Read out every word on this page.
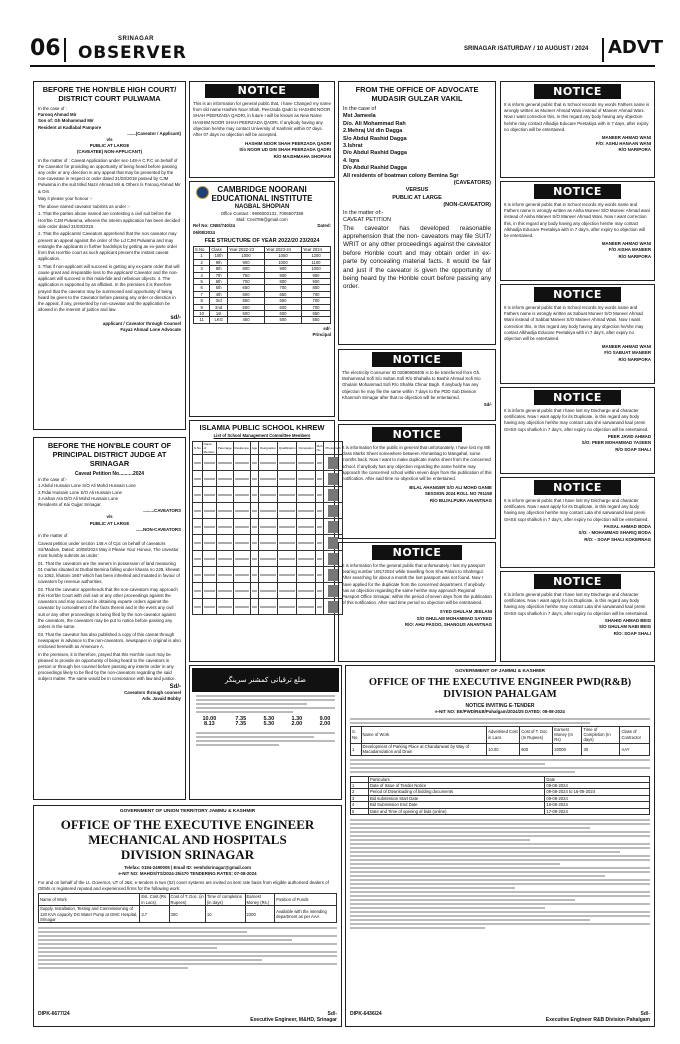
06	SRINAGAR
OBSERVER	SRINAGAR /SATURDAY / 10 AUGUST / 2024 ADVT
BEFORE THE HON'BLE HIGH COURT/ DISTRICT COURT PULWAMA
In the case of :
Farooq Ahmad Mir
Son of: Gh Mohammad Mir
Resident at Kadlabal Pampore
.......(Caveator / Applicant)
v/s
PUBLIC AT LARGE
(CAVEATEE) NON-APPLICANT)

In the matter of : Caveat Application under sec-148-A C.P.C on behalf of the Caveator for providing an opportunity of being heard before passing any order or any direction in any appeal that may be presented by the non-caveatee in respect or order dated 31/03/2018 passed by CJM Pulwama in the suit titled Nazir Ahmad Mir & Others /s Farooq Ahmad Mir & Ors

May it please your honour :-

The above named caveator submits as under :-

1. That the parties above named are contesting a civil suit before the Hon'ble CJM Pulwama, wherein the interim application has been decided vide order dated 31/03/2018.

2. That the applicants/ Caveators apprehend that the non caveator may present an appeal against the order of the Ld CJM Pulwama and may entangle the applicants in further hardships by getting an ex-parte order from this Hon'ble court as such applicant present the instant caveat application.

3. That if non-applicant will succeed in getting any ex-parte order that will cause great and irreparable loss to the applicant/ Caveator and the non-applicant will succeed in this mala-fide and nefarious objects. 4. The application is supported by an affidavit. In the premises it is therefore prayed that the caveator may be summoned and opportunity of being heard be given to the Caveator before passing any order or direction in the appeal, if any, presented by non-caveator and the application be allowed in the interest of justice and law.

sd/-
applicant / Caveator through Counsel
Fayaz Ahmad Lone Advocate
NOTICE

This is an information for general public that, I have Changed my name from old name Hashim Noor Shah, Peerzada Qadri to HASHIM NOOR SHAH PEERZADA QADRI, in future I will be known as New Name HASHIM NOOR SHAH PEERZADA QADRI. If anybody having any objection he/she may contact University of Kashmir within 07 days. After 07 days no objection will be accepted.

HASHIM NOOR SHAH PEERZADA QADRI
S/o NOOR UD DIN SHAH PEERZADA QADRI
R/O MAISHMAHA SHOPIAN
CAMBRIDGE NOORANI
EDUCATIONAL INSTITUTE
NAGBAL SHOPIAN
Office Contact : 9906002131, 7006507359
Mail: Cnei786@gmail.com
Ref No: CNEI/740/24	Dated:
06/08/2024
FEE STRUCTURE OF YEAR 2022/20 23/2024
S.No	Class	Year 2022-23	Year 2023-24	Year 2024
1	10th	1000	1050	1200
2	9th	900	1000	1100
3	8th	800	900	1000
4	7th	750	800	950
5	6th	700	800	900
6	5th	650	700	850
7	4th	600	650	700
8	3rd	550	650	700
9	2nd	500	600	700
10	1st	500	600	650
11	LKG	450	500	550
sd/-
Principal
ISLAMIA PUBLIC SCHOOL KHREW
List of School Management Committee Members
S.No	Name of Member	Parentage	Residence	Age	Designation	Qualification	Occupation	Mob No	Photograph

BEFORE THE HON'BLE COURT OF PRINCIPAL DISTRICT JUDGE AT SRINAGAR
Caveat Petition No..........2024
In the case of:-
1.Abdul Hussain Lone S/O Ali Mohd Hussain Lone
2.Fidai Hussain Lone S/O Ali Hussain Lone
3.Aishan Ara D/O Ali Mohd Hussain Lone
Residents of Kai Gujjar Srinagar.
.........CAVEATORS
v/s
PUBLIC AT LARGE
......NON-CAVEATORS

In the matter of

Caveat petition under section 148 A of Cpc on behalf of caveators Sir/Madam, Dated: 10/08/2024 May it Please Your Honour, The caveator most humbly submits as under:

01. That the caveators are the owners in possession of land measuring 01 marlas situated at Durbal Bemina falling under khasra no 228, khewat no 1062, khatoni 1667 which has been inherited and mutated in favour of caveators by revenue authorities.

02. That the caveator apprehends that the non-caveators may approach this Hon'ble Court with civil suit or any other proceedings against the caveators and may succeed in obtaining exparte orders against the caveator by concealment of the facts therein and in the event any civil suit or any other proceedings is being filed by the non-caveator against the caveators, the caveators may be put to notice before passing any orders in the same.

03. That the caveator has also published a copy of this caveat through newspaper in advance to the non-caveators, newspaper in original is also enclosed herewith as Annexure A.

In the premises, it is therefore, prayed that this Hon'ble court may be pleased to provide an opportunity of being heard to the caveators in person or through her counsel before passing any interim order in any proceedings likely to be filed by the non-caveators regarding the said subject matter. The same would be in consonance with law and justice.

Sd/-
Caveators through counsel
Adv. Javaid Bobby
FROM THE OFFICE OF ADVOCATE MUDASIR GULZAR VAKIL
In the case of
Mst Jameela
D/o. Ali Mohammad Rah
2.Mehraj Ud din Dagga
S/o Abdul Rashid Dagga
3.Ishrat
D/o Abdul Rashid Dagga
4. Iqra
D/o Abdul Rashid Dagga
All residents of boatman colony Bemina Sgr
(CAVEATORS)
VERSUS
PUBLIC AT LARGE
(NON-CAVEATOR)
In the matter of:-
CAVEAT PETITION
The caveator has developed reasonable apprehension that the non- caveators may file SUIT/ WRIT or any other proceedings against the caveator before Honble court and may obtain order in ex-parte by concealing material facts. It would be fair and just if the caveator is given the opportunity of being heard by the Honble court before passing any order.
NOTICE

The electricity Consumer ID 02080608405 is to be transferred from Gh. Mohammad Sofi S/o Sultan Sofi R/o Shahalla to Bashir Ahmad Sofi S/o Ghulam Mohammad Sofi R/o Shahla Chinar Bagh. If anybody has any objection he may file the same within 7 days to the PDD Sub Division Khanmoh Srinagar after that no objection will be entertained.

Sd/-
NOTICE

It is information for the public in general that unfortunately, I have lost my 8th class Marks Sheet somewhere between Ahmanbag to Mangahal, some months back. Now I want to make duplicate marks sheet from the concerned school. If anybody has any objection regarding the same he/she may approach the concerned school within seven days from the publication of this notification. After said time no objection will be entertained.

BILAL AHANGER S/O ALI MOHD GANIE
SESSION 2024 ROLL NO 791158
R/O BUJALPURA ANANTNAG
NOTICE

It is information for the general public that unfortunately I lost my passport bearing number U9172024 while travelling from Khu Palom to Shahstgul. After searching for about a month the lost passport was not found. Now I have applied for the duplicate from the concerned department. If anybody has an objection regarding the same he/she may approach Regional Passport Office Srinagar, within the period of seven days from the publication of this notification. After said time period no objection will be entertained.

SYED GHULAM JEELANI
S/O GHULAM MOHAMMAD SAYEED
R/O: AHU PASOO, SHANGUS ANANTNAG
NOTICE

It is inform general public that in School records my words Fathers name is wrongly written as Muneer Ahmad Wani instead of Maneer Ahmad Wani. Now I want correction this, in this regard any body having any objection he/she may contact Alkadija Educare Peetakiya with in 7 days, after expiry no objection will be entertained.

MANEER AHMAD WANI
F/O: ASHU HANAAN WANI
R/O NARIPORA
NOTICE

It is inform general public that in School records my words name and Fathers name is wrongly written as Aisha Muneer S/O Muneer Ahmad wani instead of Aisha Maneer S/O Maneer Ahmad Wani. Now I want correction this, in this regard any body having any objection he/she may contact Alkhadija Educare Peetakiya with in 7 day's, after expiry no objection will be entertained.

MANEER AHMAD WANI
F/O AISHA MANEER
R/O NARIPORA
NOTICE

It is inform general public that in School records my words name and Fathers name is wrongly written as Sabuat Muneer S/O Muneer Ahmad Wani instead of Sabbat Maneer S/O Maneer Ahmad Wani. Now I want correction this, in this regard any body having any objection he/she may contact Alkhadija Educare Peetakiya with in 7 day's, after expiry no objection will be entertained.

MANEER AHMAD WANI
F/O SABUAT MANEER
R/O NARIPORA
NOTICE

It is inform general public that I have lost my Discharge and character certificates. Now I want apply for its Duplicate, in this regard any body having any objection he/she may contact Lala shri sarwanand kaul premi GHSS sopi shalkoh in 7 day's, after expiry no objection will be entertained.

PEER JAVID AHMAD
S/O: PEER MOHAMMAD YASEEN
R/O SOAP SHALI
NOTICE

It is inform general public that I have lost my Discharge and character certificates. Now I want apply for its Duplicate, in this regard any body having any objection he/she may contact Lala shri sarwanand kaul premi GHSS sopi shalkoh in 7 day's, after expiry no objection will be entertained.

FAISAL AHMAD BODA
S/O: - MOHAMMAD SHARIQ BODA
R/O: - SOAP SHALI KOKERNAG
NOTICE

It is inform general public that I have lost my Discharge and character certificates. Now I want apply for its Duplicate, in this regard any body having any objection he/she may contact Lala shri sarwanand kaul premi GHSS sopi shalkoh in 7 day's, after expiry no objection will be entertained.

SHAHID AHMAD BEIG
S/O GHULAM NABI BEIG
R/O: SOAP SHALI
ضلع ترقیاتی کمشنر سرینگر
10.00	7.35	5.30	1.30	9.00
8.13	7.35	5.30	2.00	2.00
GOVERNMENT OF UNION TERRITORY JAMMU & KASHMIR
OFFICE OF THE EXECUTIVE ENGINEER MECHANICAL AND HOSPITALS DIVISION SRINAGAR
Telefax: 0194-2490005 | Email ID: eemhdsrinagar@gmail.com
e-NIT NO: MAHDS/TS/2024-25/470 TENDERING RATES: 07-08-2024

For and on behalf of the Lt. Governor, UT of J&K, e-tenders in two (02) cover systems are invited on item rate basis from eligible authorised dealers of OEMs or registered reputed and experienced firms for the following work:

Name of Work	Est. Cost (Rs. in Lacs)	Cost of T. Doc. (in Rupees)	Time of completion (in days)	Earnest Money (Rs.)	Position of Funds
Supply, Installation, Testing and Commissioning of 120 KVA capacity DG Water Pump at GMC Hospital, Srinagar	3.7	300	10	2200	Available with the intending department as per AAA
DIPK-6677/24	Sd/-
Executive Engineer, M&HD, Srinagar
GOVERNMENT OF JAMMU & KASHMIR
OFFICE OF THE EXECUTIVE ENGINEER PWD(R&B) DIVISION PAHALGAM
NOTICE INVITING E-TENDER
e-NIT NO: EE/PWD/R&B/Pahalgam/2024/25 DATED: 08-08-2024
S. No	Name of Work	Advertised Cost in Lacs	Cost of T. Doc (In Rupees)	Earnest Money (In Rs)	Time of Completion (In days)	Class of Contractor
1	Development of Parking Place at Chandanwari by Way of Macadamization and Drain	10.00	600	20000	30	AAY
	Particulars	Date
1	Date of Issue of Tender Notice	09-08-2024
2	Period of Downloading of bidding documents	09-08-2024 to 16-08-2024
3	Bid submission Start Date	09-08-2024
4	Bid Submission End Date	16-08-2024
5	Date and Time of opening of bids (online)	17-08-2024
DIPK-6436/24	Sd/-
Executive Engineer R&B Division Pahalgam
